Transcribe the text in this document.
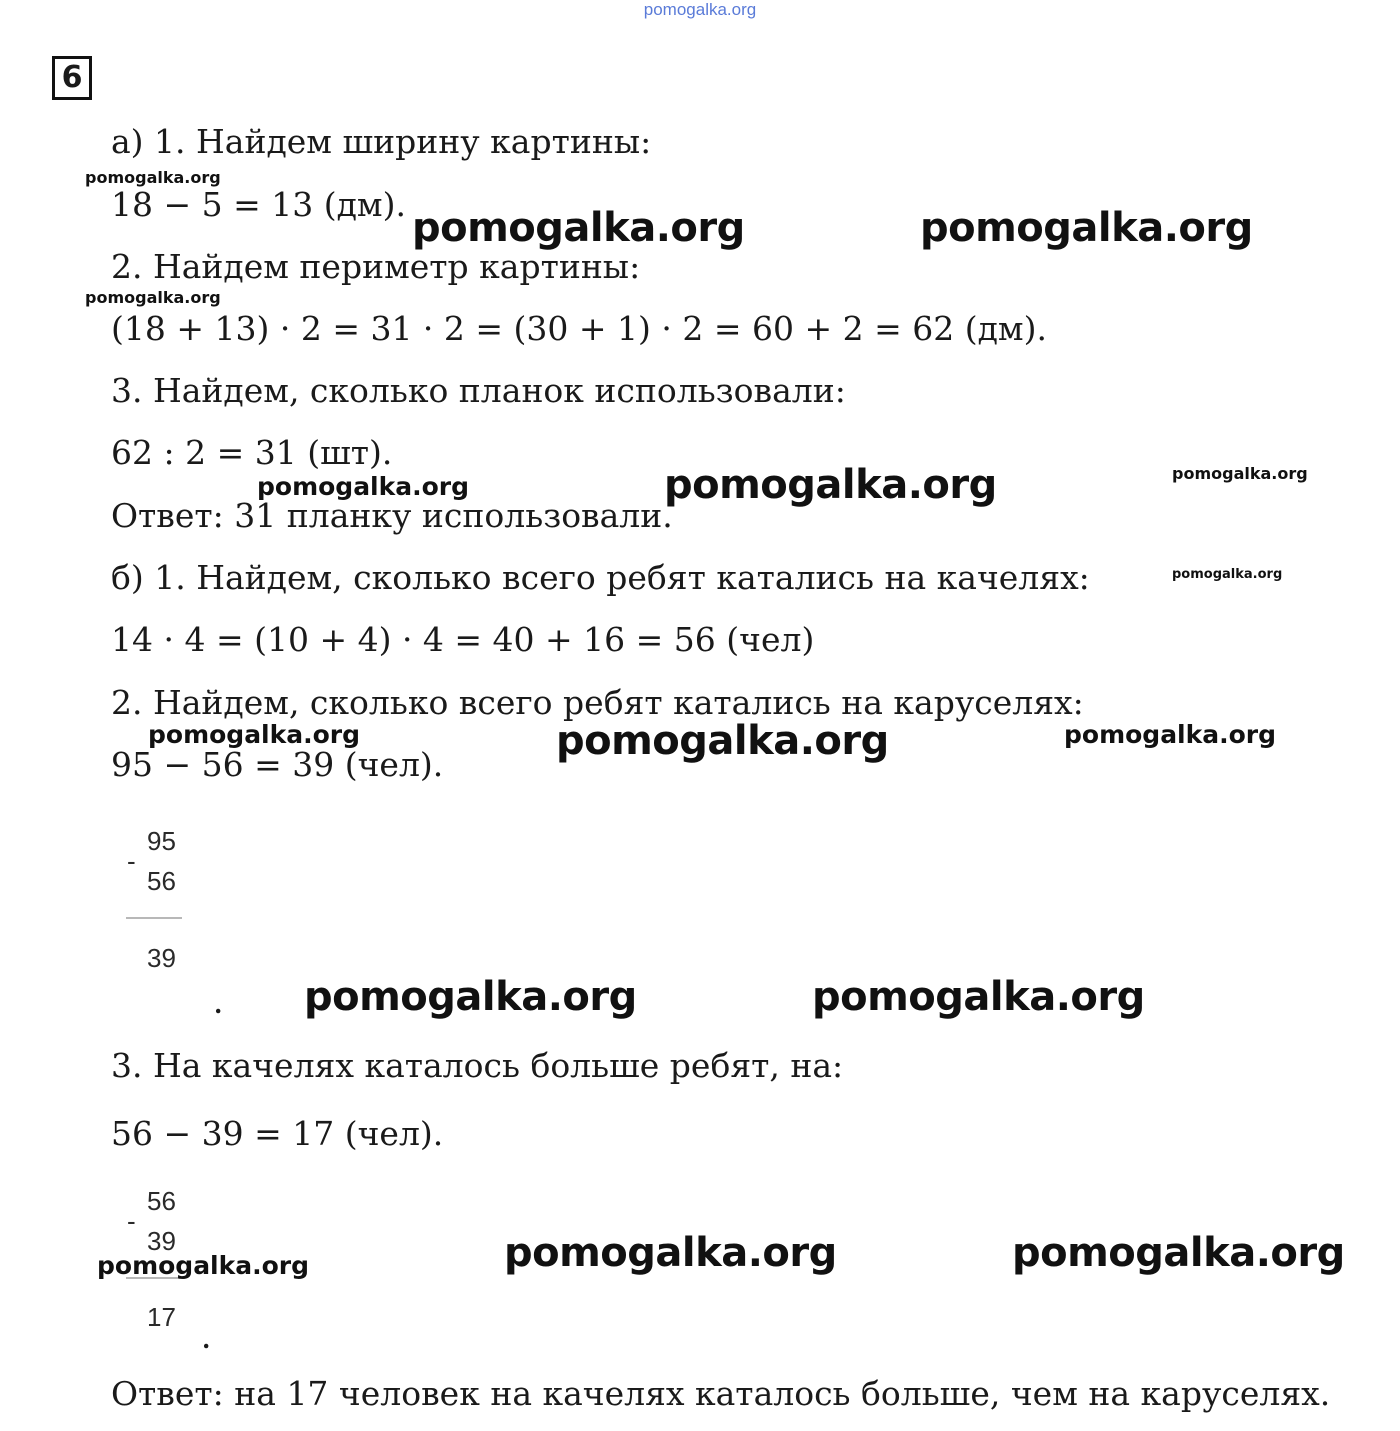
pomogalka.org
6
а) 1. Найдем ширину картины:
18 − 5 = 13 (дм).
2. Найдем периметр картины:
(18 + 13) · 2 = 31 · 2 = (30 + 1) · 2 = 60 + 2 = 62 (дм).
3. Найдем, сколько планок использовали:
62 : 2 = 31 (шт).
Ответ: 31 планку использовали.
б) 1. Найдем, сколько всего ребят катались на качелях:
14 · 4 = (10 + 4) · 4 = 40 + 16 = 56 (чел)
2. Найдем, сколько всего ребят катались на каруселях:
95 − 56 = 39 (чел).
-
95
56
39
.
3. На качелях каталось больше ребят, на:
56 − 39 = 17 (чел).
-
56
39
17
.
Ответ: на 17 человек на качелях каталось больше, чем на каруселях.
pomogalka.org
pomogalka.org	pomogalka.org
pomogalka.org
pomogalka.org	pomogalka.org	pomogalka.org
pomogalka.org
pomogalka.org	pomogalka.org	pomogalka.org
pomogalka.org	pomogalka.org
pomogalka.org	pomogalka.org
pomogalka.org
